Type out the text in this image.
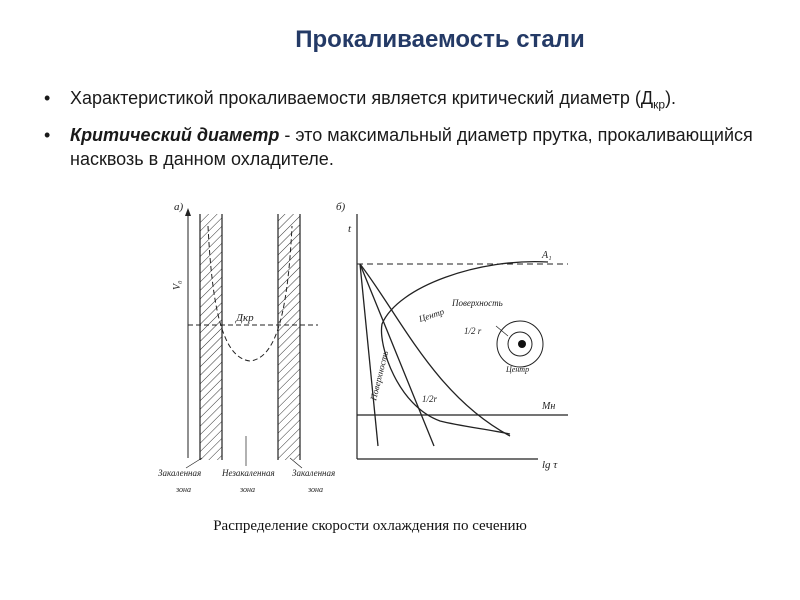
Прокаливаемость стали
• Характеристикой прокаливаемости является критический диаметр $(Д_{кр})$.
• Критический диаметр - это максимальный диаметр прутка, прокаливающийся насквозь в данном охладителе.
а)
V₀
Дкр
Закаленная Незакаленная Закаленная
зона	зона	зона
б)
t
lg τ
A₁
Мн
Центр
Поверхность
1/2 r
1/2r
Поверхность	Центр
Распределение скорости охлаждения по сечению
